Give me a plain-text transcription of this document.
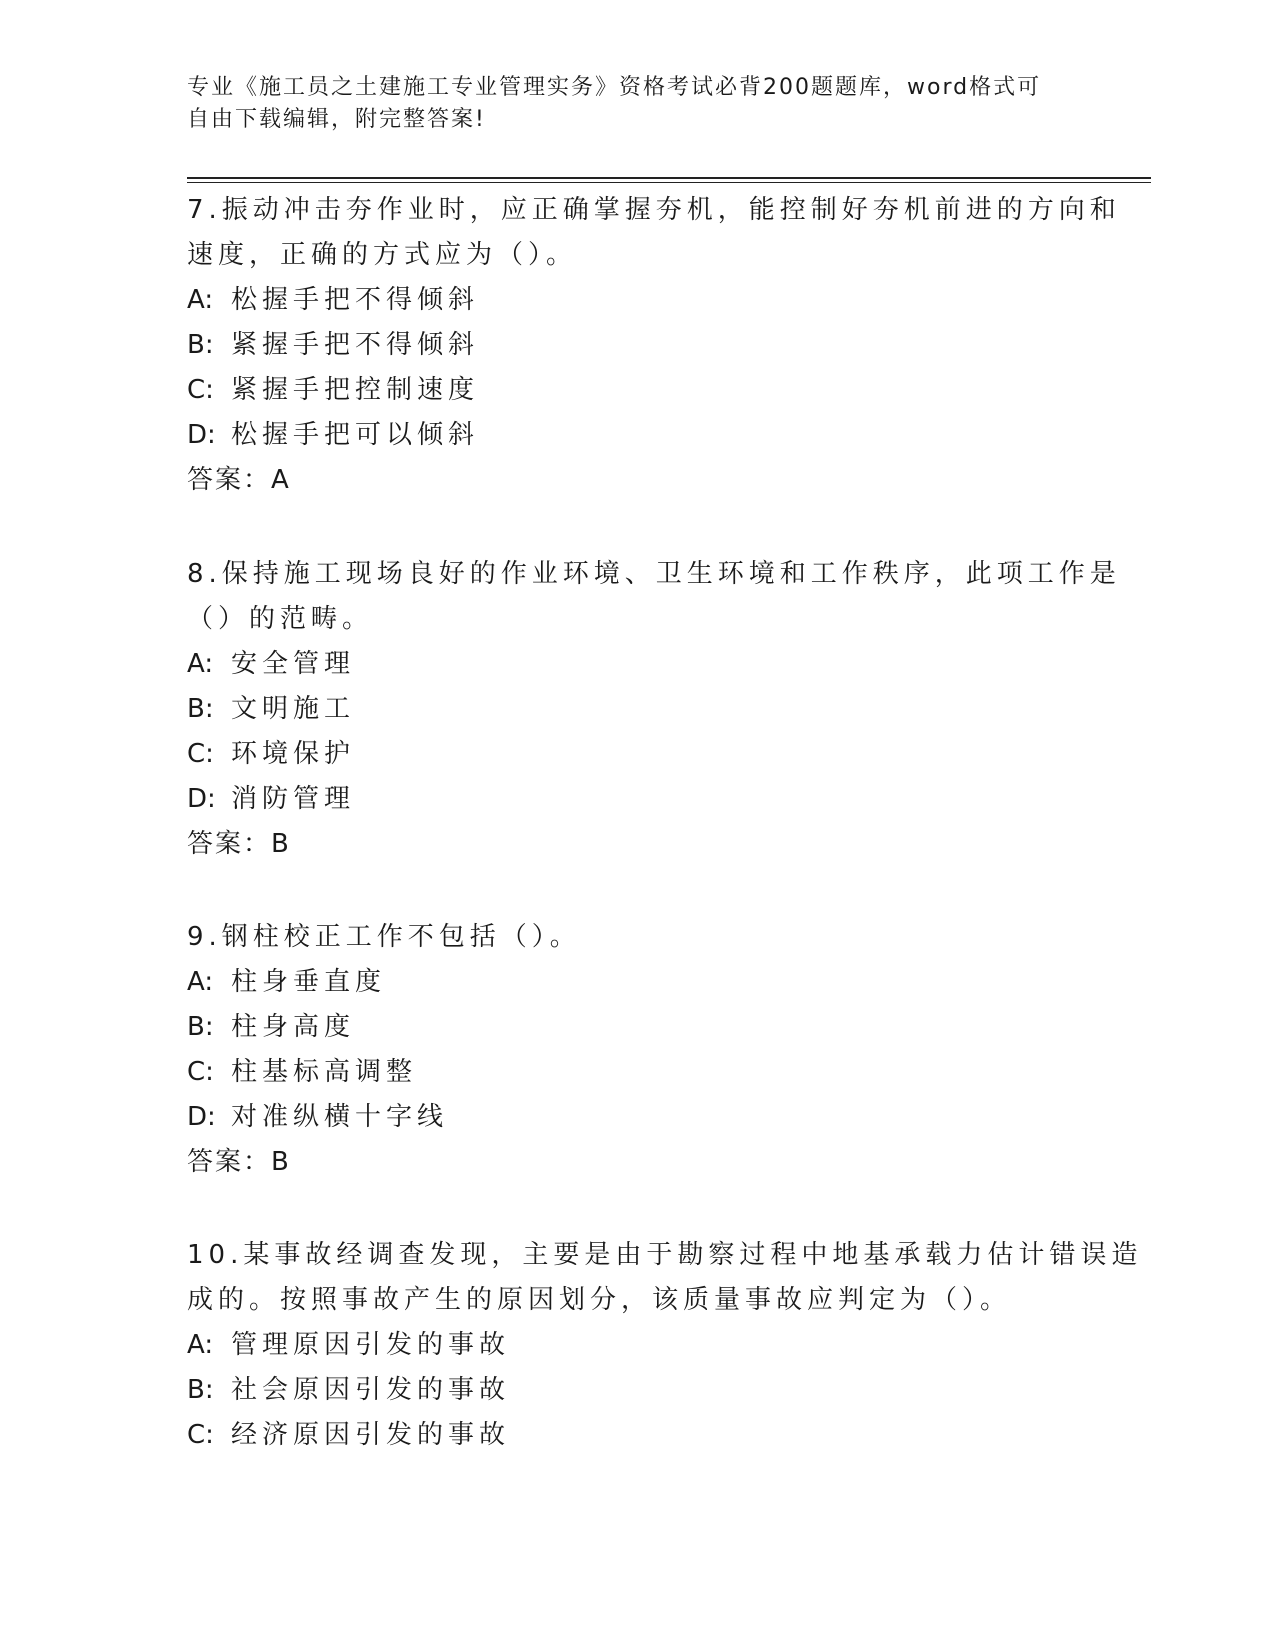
专业《施工员之土建施工专业管理实务》资格考试必背200题题库，word格式可
自由下载编辑，附完整答案!
7.振动冲击夯作业时，应正确掌握夯机，能控制好夯机前进的方向和
速度，正确的方式应为（）。
A: 松握手把不得倾斜
B: 紧握手把不得倾斜
C: 紧握手把控制速度
D: 松握手把可以倾斜
答案：A
8.保持施工现场良好的作业环境、卫生环境和工作秩序，此项工作是
（）的范畴。
A: 安全管理
B: 文明施工
C: 环境保护
D: 消防管理
答案：B
9.钢柱校正工作不包括（）。
A: 柱身垂直度
B: 柱身高度
C: 柱基标高调整
D: 对准纵横十字线
答案：B
10.某事故经调查发现，主要是由于勘察过程中地基承载力估计错误造
成的。按照事故产生的原因划分，该质量事故应判定为（）。
A: 管理原因引发的事故
B: 社会原因引发的事故
C: 经济原因引发的事故
